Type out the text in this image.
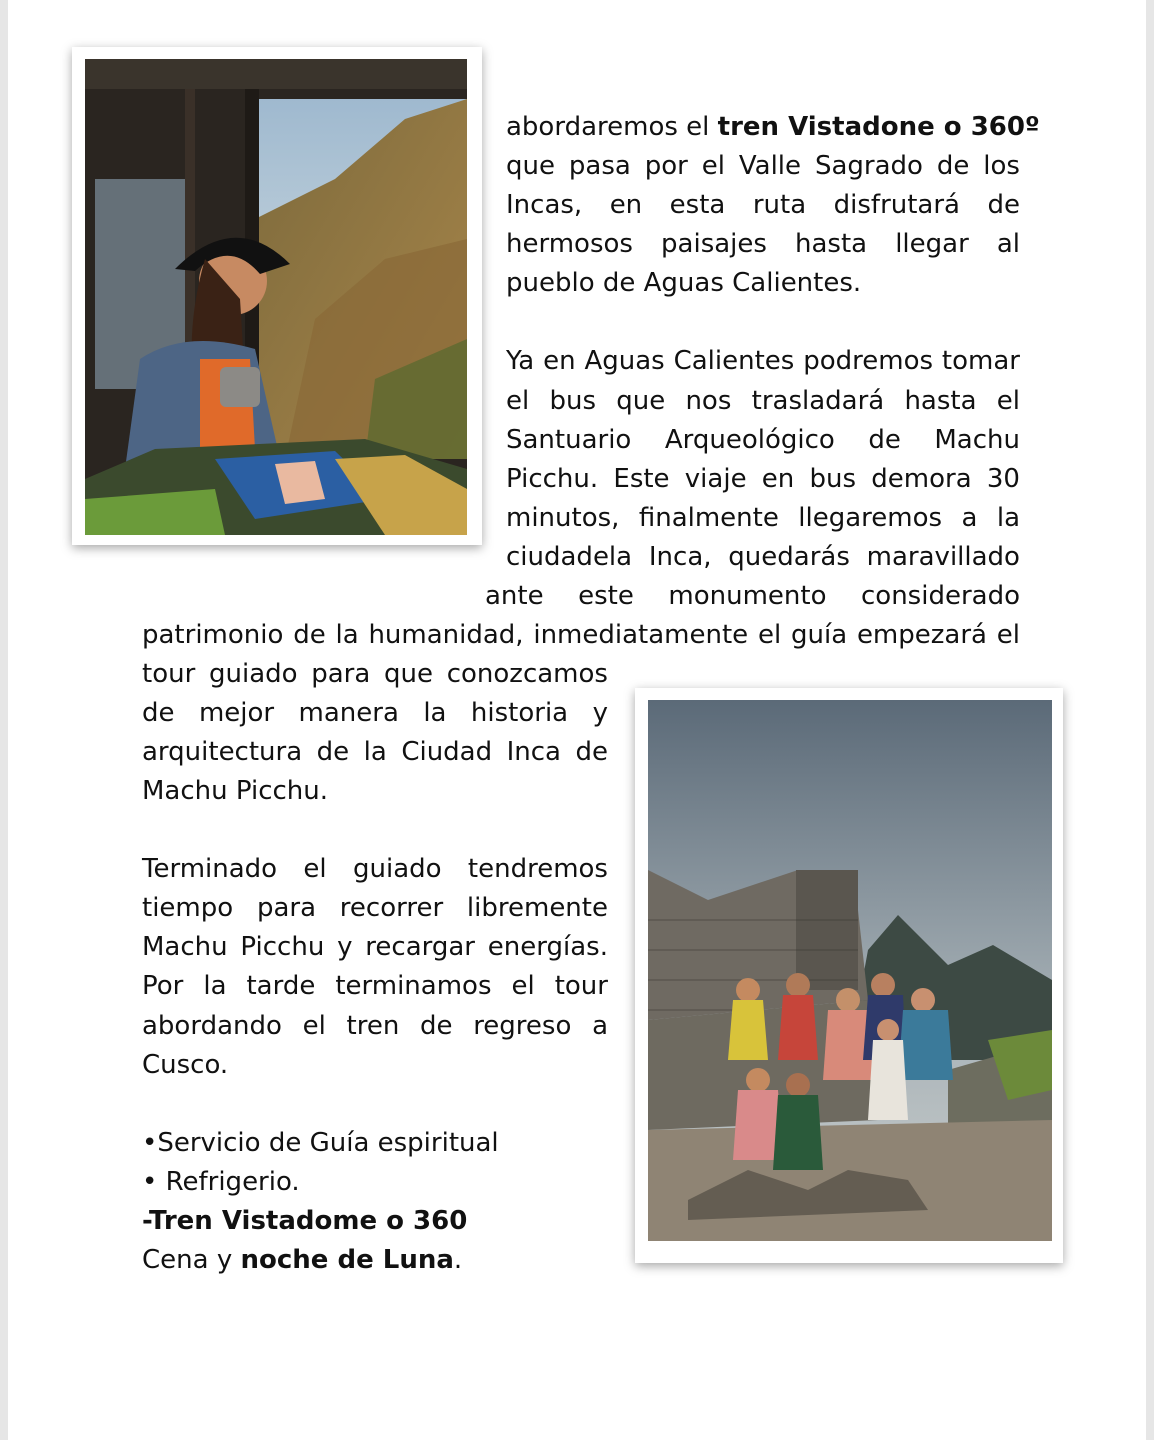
abordaremos el tren Vistadone o 360º
que pasa por el Valle Sagrado de los
Incas, en esta ruta disfrutará de
hermosos paisajes hasta llegar al
pueblo de Aguas Calientes.
Ya en Aguas Calientes podremos tomar
el bus que nos trasladará hasta el
Santuario Arqueológico de Machu
Picchu. Este viaje en bus demora 30
minutos, finalmente llegaremos a la
ciudadela Inca, quedarás maravillado
ante este monumento considerado
patrimonio de la humanidad, inmediatamente el guía empezará el
tour guiado para que conozcamos
de mejor manera la historia y
arquitectura de la Ciudad Inca de
Machu Picchu.
Terminado el guiado tendremos
tiempo para recorrer libremente
Machu Picchu y recargar energías.
Por la tarde terminamos el tour
abordando el tren de regreso a
Cusco.
•Servicio de Guía espiritual
• Refrigerio.
-Tren Vistadome o 360
Cena y noche de Luna.
